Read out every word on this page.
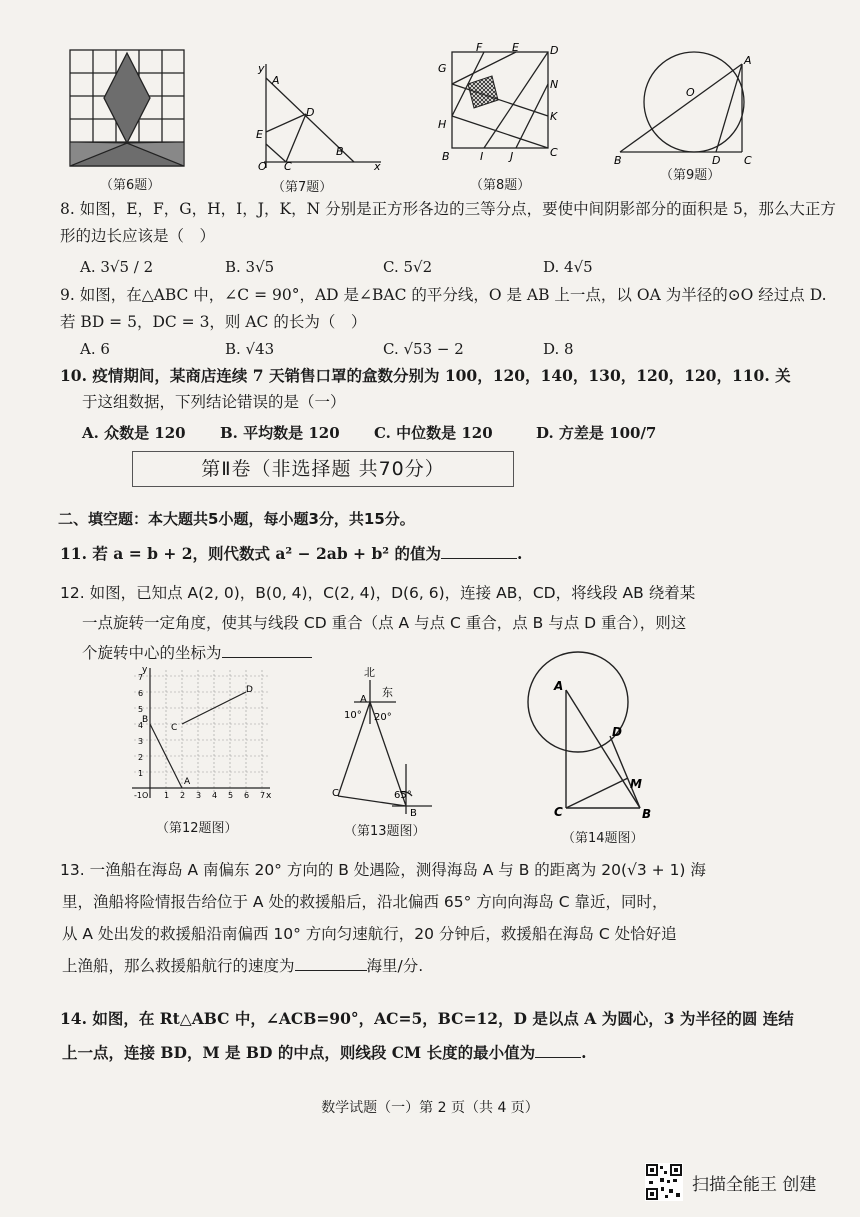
（第6题）
A
y
D
E
O C
B
x
（第7题）
F	E	D
G
H
N
K
B	I J	C
（第8题）
O
A
B	D C
（第9题）
8. 如图，E，F，G，H，I，J，K，N 分别是正方形各边的三等分点，要使中间阴影部分的面积是 5，那么大正方
形的边长应该是（　）
A. 3√5 / 2	B. 3√5	C. 5√2	D. 4√5
9. 如图，在△ABC 中，∠C = 90°，AD 是∠BAC 的平分线，O 是 AB 上一点，以 OA 为半径的⊙O 经过点 D.
若 BD = 5，DC = 3，则 AC 的长为（　）
A. 6	B. √43	C. √53 − 2	D. 8
10. 疫情期间，某商店连续 7 天销售口罩的盒数分别为 100，120，140，130，120，120，110. 关
于这组数据，下列结论错误的是（一）
A. 众数是 120	B. 平均数是 120	C. 中位数是 120	D. 方差是 100/7
第Ⅱ卷（非选择题 共70分）
二、填空题：本大题共5小题，每小题3分，共15分。
11. 若 a = b + 2，则代数式 a² − 2ab + b² 的值为	.
12. 如图，已知点 A(2, 0)，B(0, 4)，C(2, 4)，D(6, 6)，连接 AB，CD，将线段 AB 绕着某
一点旋转一定角度，使其与线段 CD 重合（点 A 与点 C 重合，点 B 与点 D 重合），则这
个旋转中心的坐标为
y
x
D
C
B
A
-1 O
7
6
5
4
3
2
1
1 2 3 4 5 6 7
（第12题图）
北
东
A
10° 20°
C	65°
B
（第13题图）
A
D
M
C	B
（第14题图）
13. 一渔船在海岛 A 南偏东 20° 方向的 B 处遇险，测得海岛 A 与 B 的距离为 20(√3 + 1) 海
里，渔船将险情报告给位于 A 处的救援船后，沿北偏西 65° 方向向海岛 C 靠近，同时，
从 A 处出发的救援船沿南偏西 10° 方向匀速航行，20 分钟后，救援船在海岛 C 处恰好追
上渔船，那么救援船航行的速度为	海里/分.
14. 如图，在 Rt△ABC 中，∠ACB=90°，AC=5，BC=12，D 是以点 A 为圆心，3 为半径的圆 连结
上一点，连接 BD，M 是 BD 的中点，则线段 CM 长度的最小值为	.
数学试题（一）第 2 页（共 4 页）
扫描全能王 创建
